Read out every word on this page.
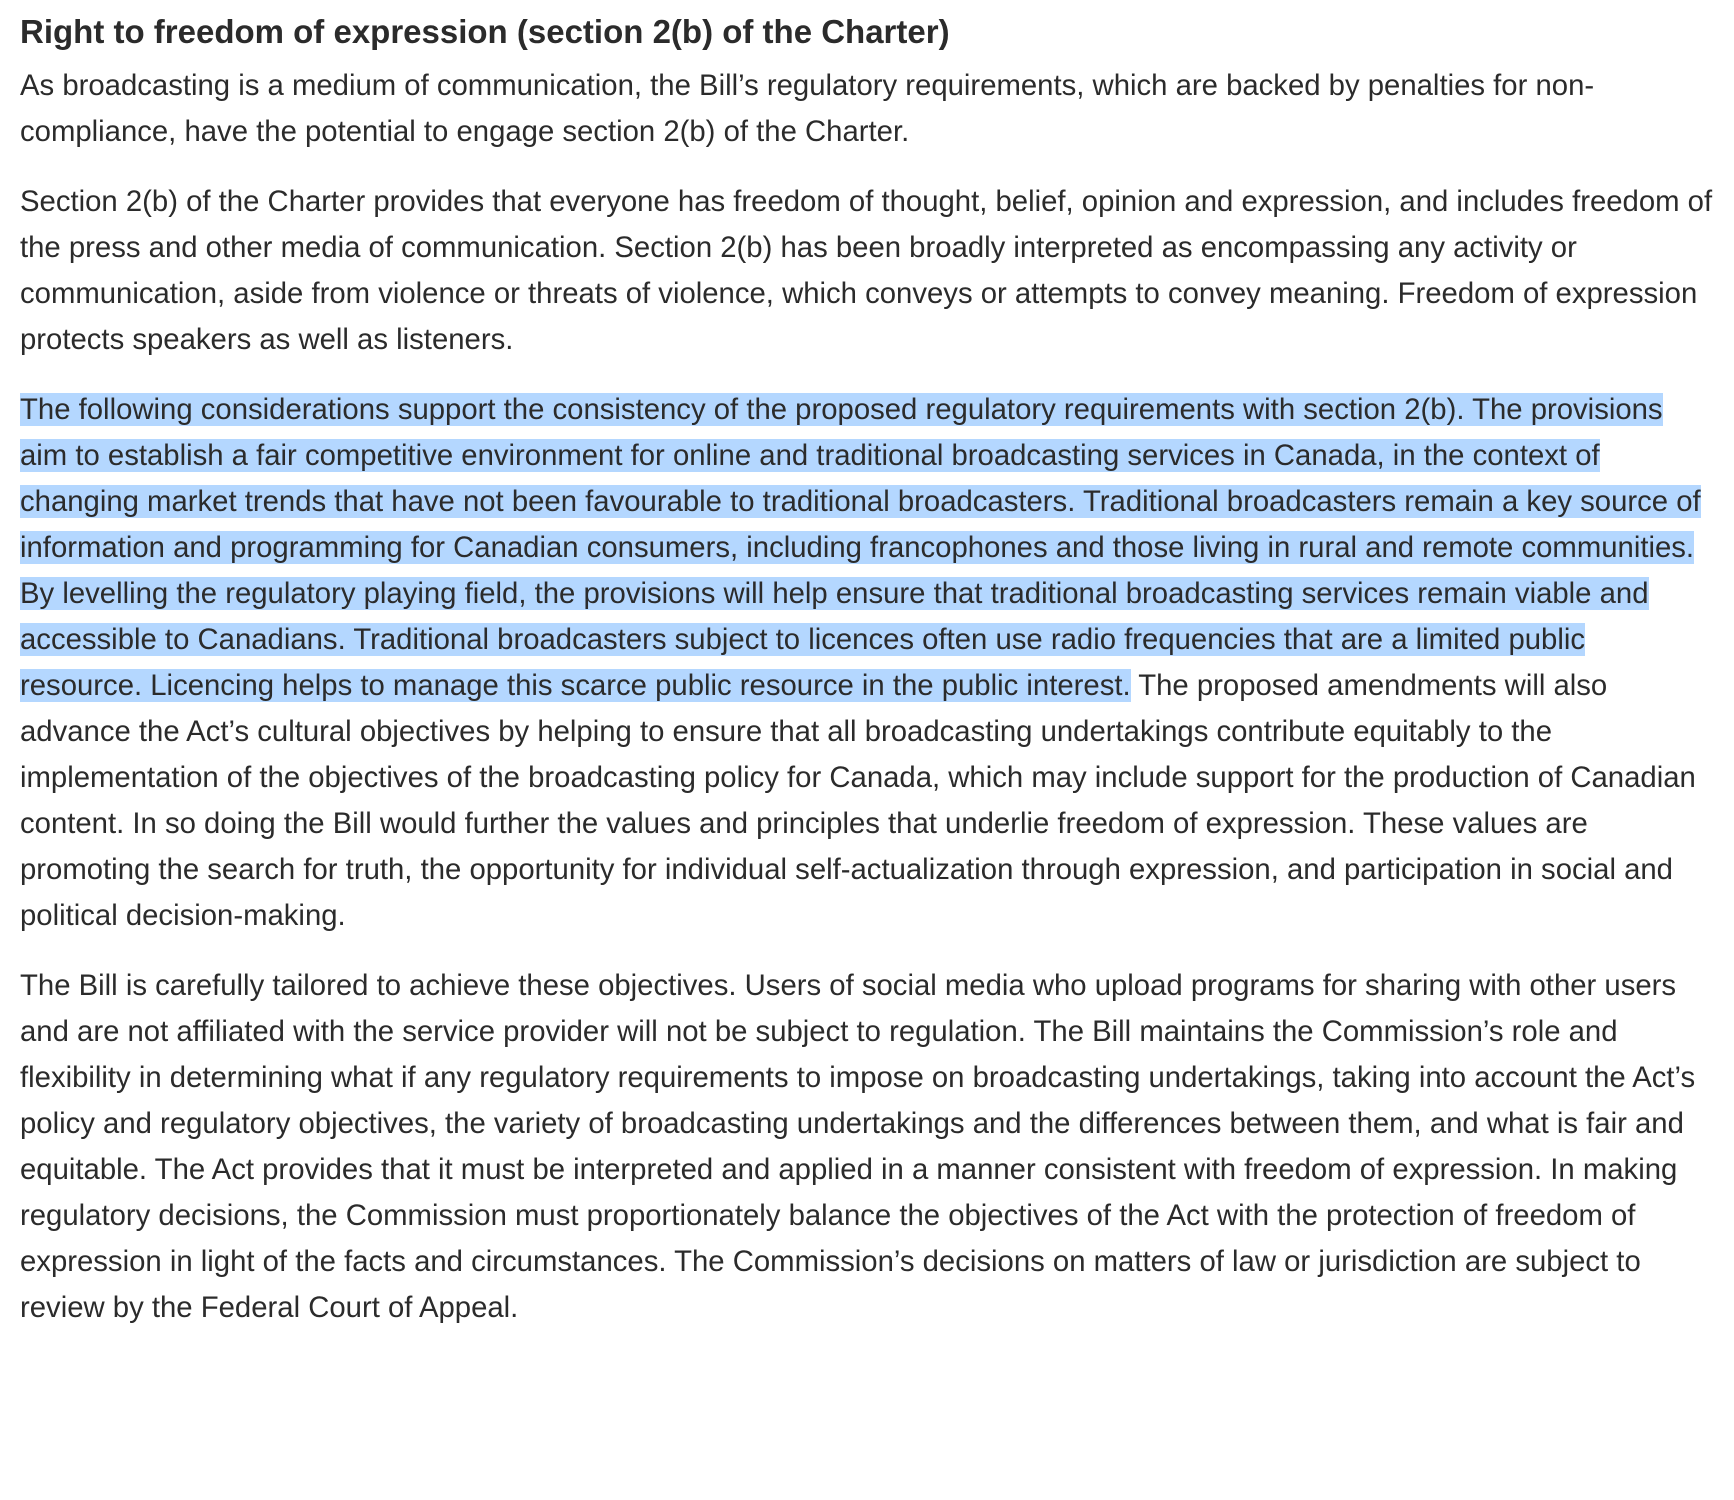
Right to freedom of expression (section 2(b) of the Charter)

As broadcasting is a medium of communication, the Bill’s regulatory requirements, which are backed by penalties for non-compliance, have the potential to engage section 2(b) of the Charter.

Section 2(b) of the Charter provides that everyone has freedom of thought, belief, opinion and expression, and includes freedom of the press and other media of communication. Section 2(b) has been broadly interpreted as encompassing any activity or communication, aside from violence or threats of violence, which conveys or attempts to convey meaning. Freedom of expression protects speakers as well as listeners.

The following considerations support the consistency of the proposed regulatory requirements with section 2(b). The provisions aim to establish a fair competitive environment for online and traditional broadcasting services in Canada, in the context of changing market trends that have not been favourable to traditional broadcasters. Traditional broadcasters remain a key source of information and programming for Canadian consumers, including francophones and those living in rural and remote communities. By levelling the regulatory playing field, the provisions will help ensure that traditional broadcasting services remain viable and accessible to Canadians. Traditional broadcasters subject to licences often use radio frequencies that are a limited public resource. Licencing helps to manage this scarce public resource in the public interest. The proposed amendments will also advance the Act’s cultural objectives by helping to ensure that all broadcasting undertakings contribute equitably to the implementation of the objectives of the broadcasting policy for Canada, which may include support for the production of Canadian content. In so doing the Bill would further the values and principles that underlie freedom of expression. These values are promoting the search for truth, the opportunity for individual self-actualization through expression, and participation in social and political decision-making.

The Bill is carefully tailored to achieve these objectives. Users of social media who upload programs for sharing with other users and are not affiliated with the service provider will not be subject to regulation. The Bill maintains the Commission’s role and flexibility in determining what if any regulatory requirements to impose on broadcasting undertakings, taking into account the Act’s policy and regulatory objectives, the variety of broadcasting undertakings and the differences between them, and what is fair and equitable. The Act provides that it must be interpreted and applied in a manner consistent with freedom of expression. In making regulatory decisions, the Commission must proportionately balance the objectives of the Act with the protection of freedom of expression in light of the facts and circumstances. The Commission’s decisions on matters of law or jurisdiction are subject to review by the Federal Court of Appeal.
